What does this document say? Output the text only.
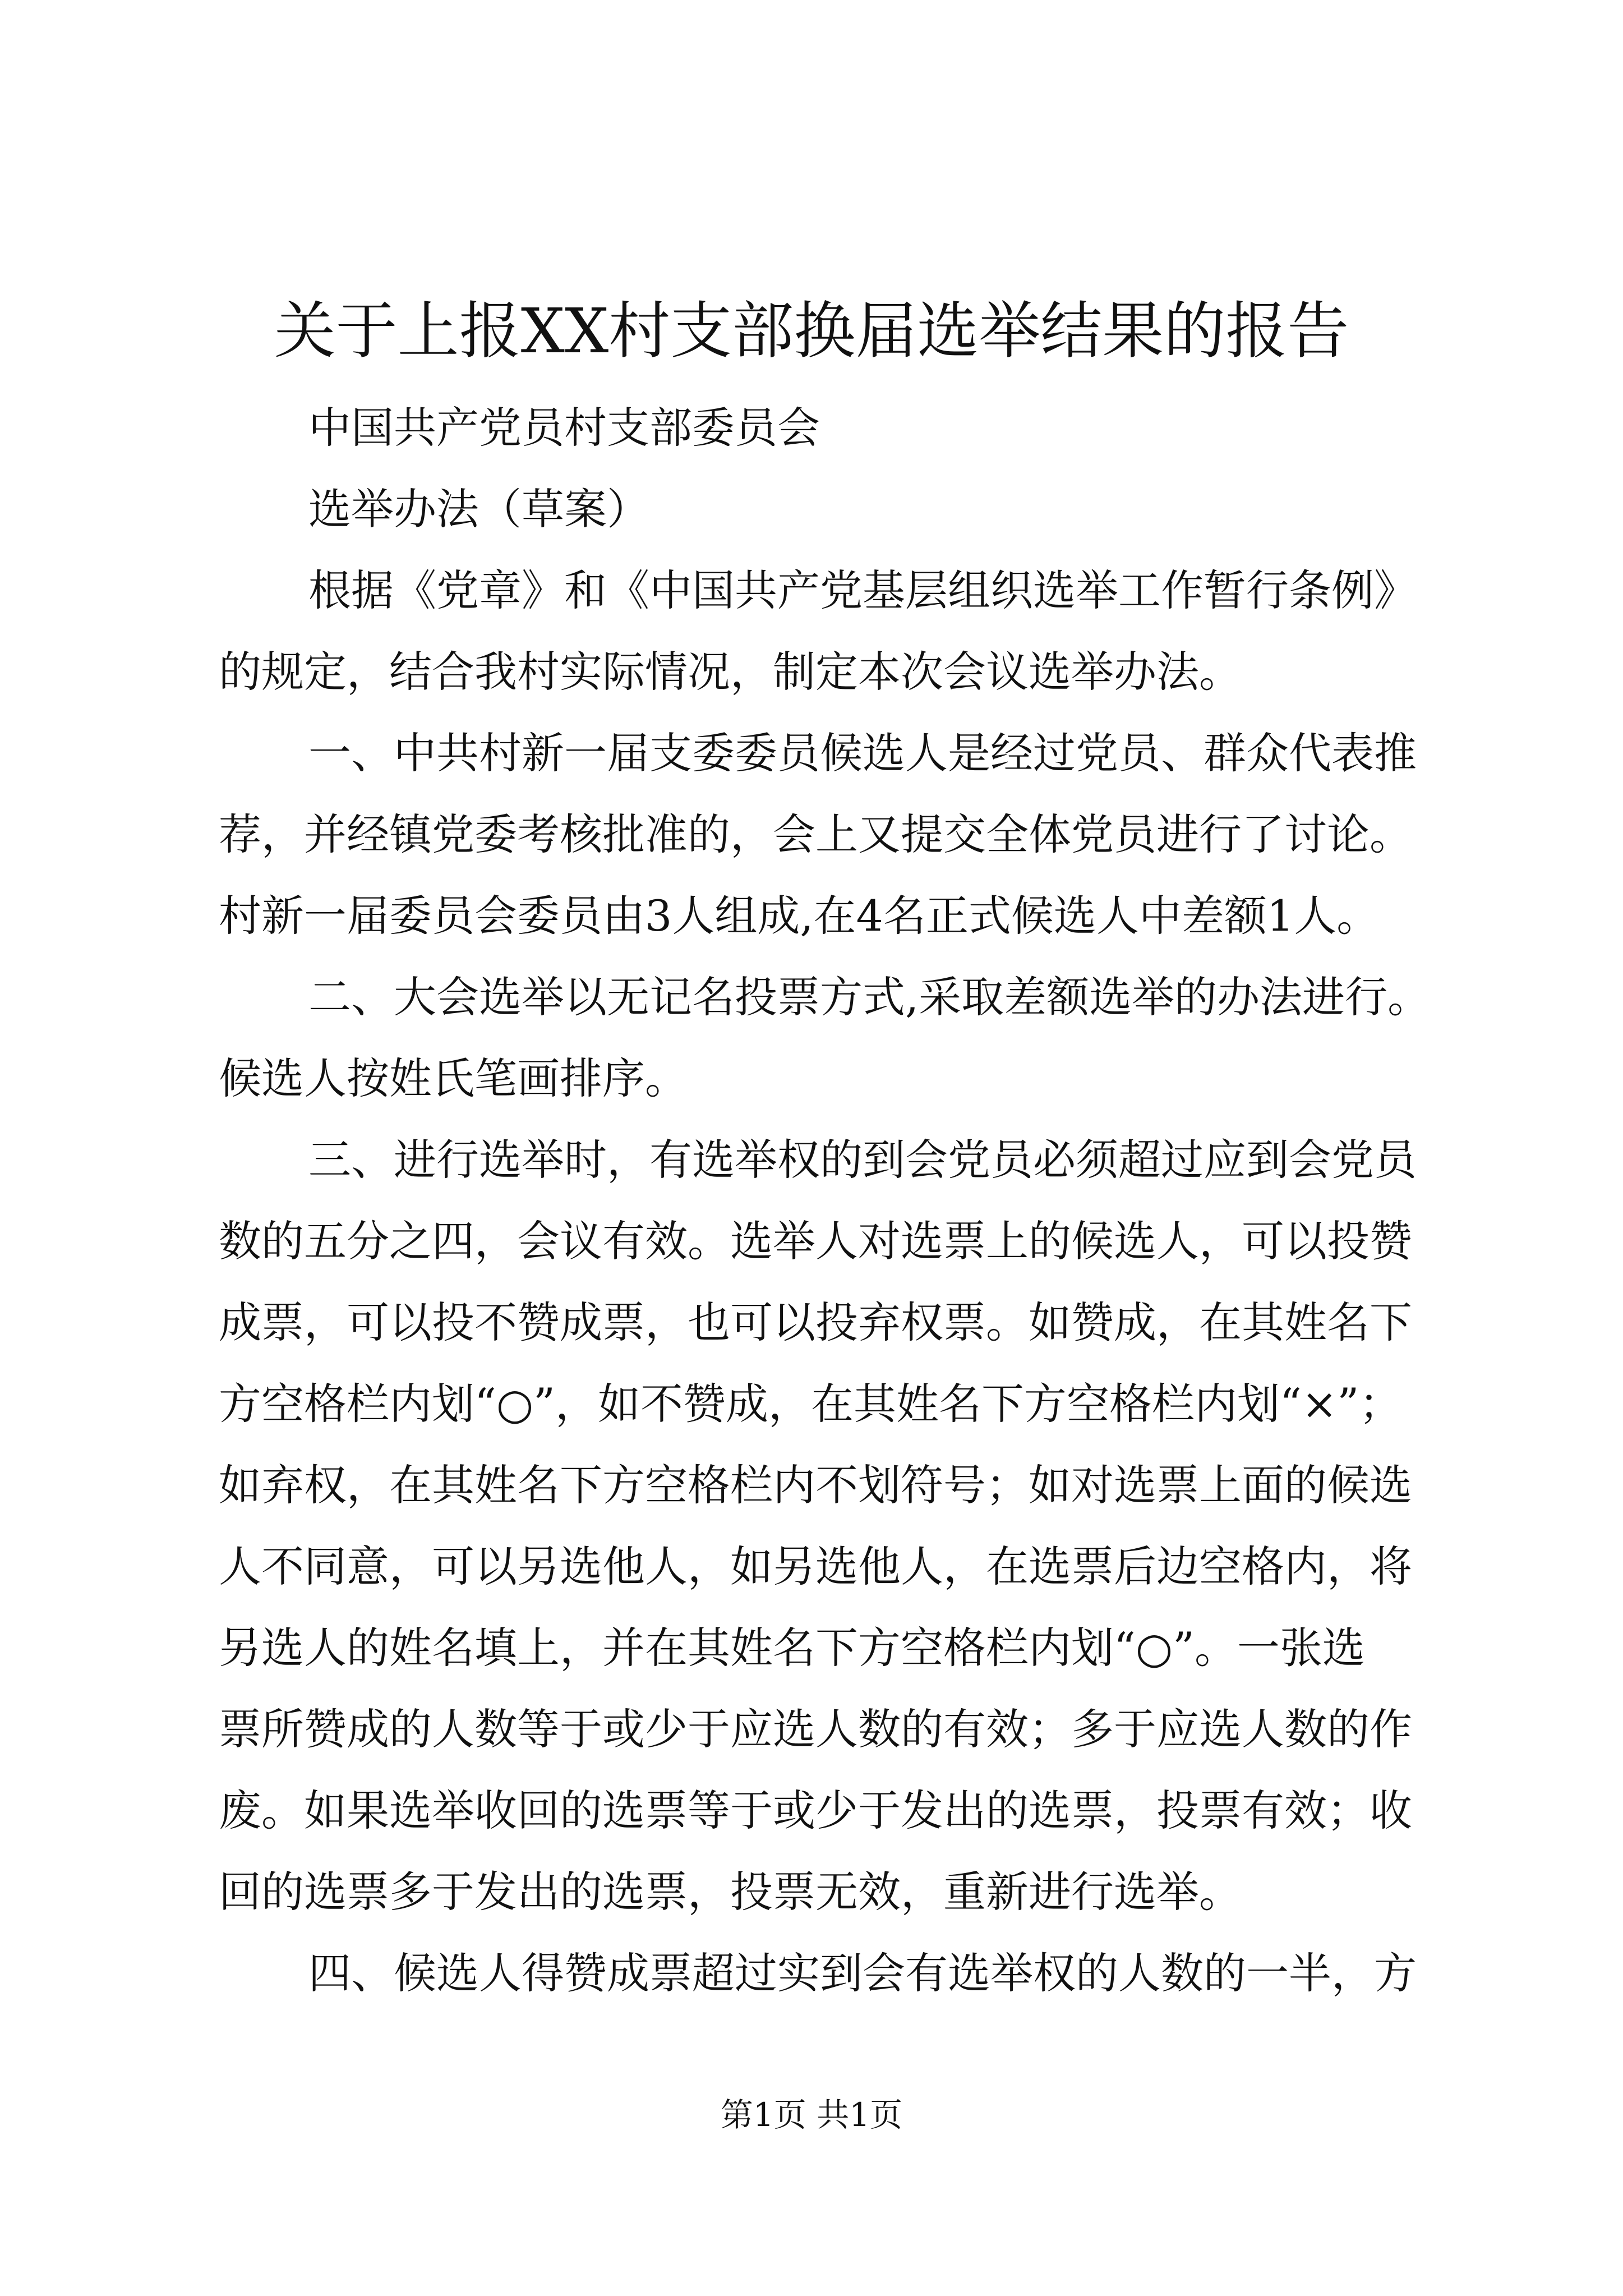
关于上报XX村支部换届选举结果的报告

中国共产党员村支部委员会

选举办法（草案）

根据《党章》和《中国共产党基层组织选举工作暂行条例》
的规定，结合我村实际情况，制定本次会议选举办法。

一、中共村新一届支委委员候选人是经过党员、群众代表推
荐，并经镇党委考核批准的，会上又提交全体党员进行了讨论。
村新一届委员会委员由3人组成,在4名正式候选人中差额1人。

二、大会选举以无记名投票方式,采取差额选举的办法进行。
候选人按姓氏笔画排序。

三、进行选举时，有选举权的到会党员必须超过应到会党员
数的五分之四，会议有效。选举人对选票上的候选人，可以投赞
成票，可以投不赞成票，也可以投弃权票。如赞成，在其姓名下
方空格栏内划“○”，如不赞成，在其姓名下方空格栏内划“×”；
如弃权，在其姓名下方空格栏内不划符号；如对选票上面的候选
人不同意，可以另选他人，如另选他人，在选票后边空格内，将
另选人的姓名填上，并在其姓名下方空格栏内划“○”。一张选
票所赞成的人数等于或少于应选人数的有效；多于应选人数的作
废。如果选举收回的选票等于或少于发出的选票，投票有效；收
回的选票多于发出的选票，投票无效，重新进行选举。

四、候选人得赞成票超过实到会有选举权的人数的一半，方

第1页 共1页
